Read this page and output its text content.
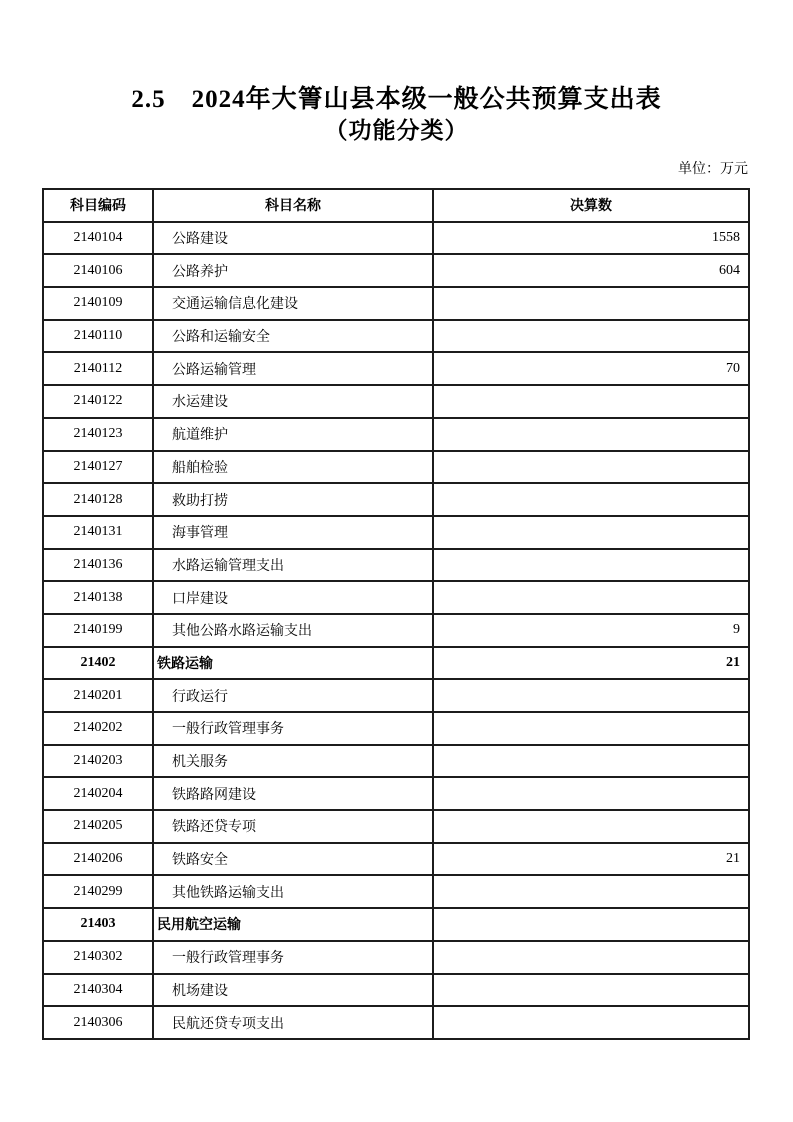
2.5　2024年大箐山县本级一般公共预算支出表
（功能分类）
单位：万元
科目编码	科目名称	决算数
2140104	公路建设	1558
2140106	公路养护	604
2140109	交通运输信息化建设	
2140110	公路和运输安全	
2140112	公路运输管理	70
2140122	水运建设	
2140123	航道维护	
2140127	船舶检验	
2140128	救助打捞	
2140131	海事管理	
2140136	水路运输管理支出	
2140138	口岸建设	
2140199	其他公路水路运输支出	9
21402	铁路运输	21
2140201	行政运行	
2140202	一般行政管理事务	
2140203	机关服务	
2140204	铁路路网建设	
2140205	铁路还贷专项	
2140206	铁路安全	21
2140299	其他铁路运输支出	
21403	民用航空运输	
2140302	一般行政管理事务	
2140304	机场建设	
2140306	民航还贷专项支出	
